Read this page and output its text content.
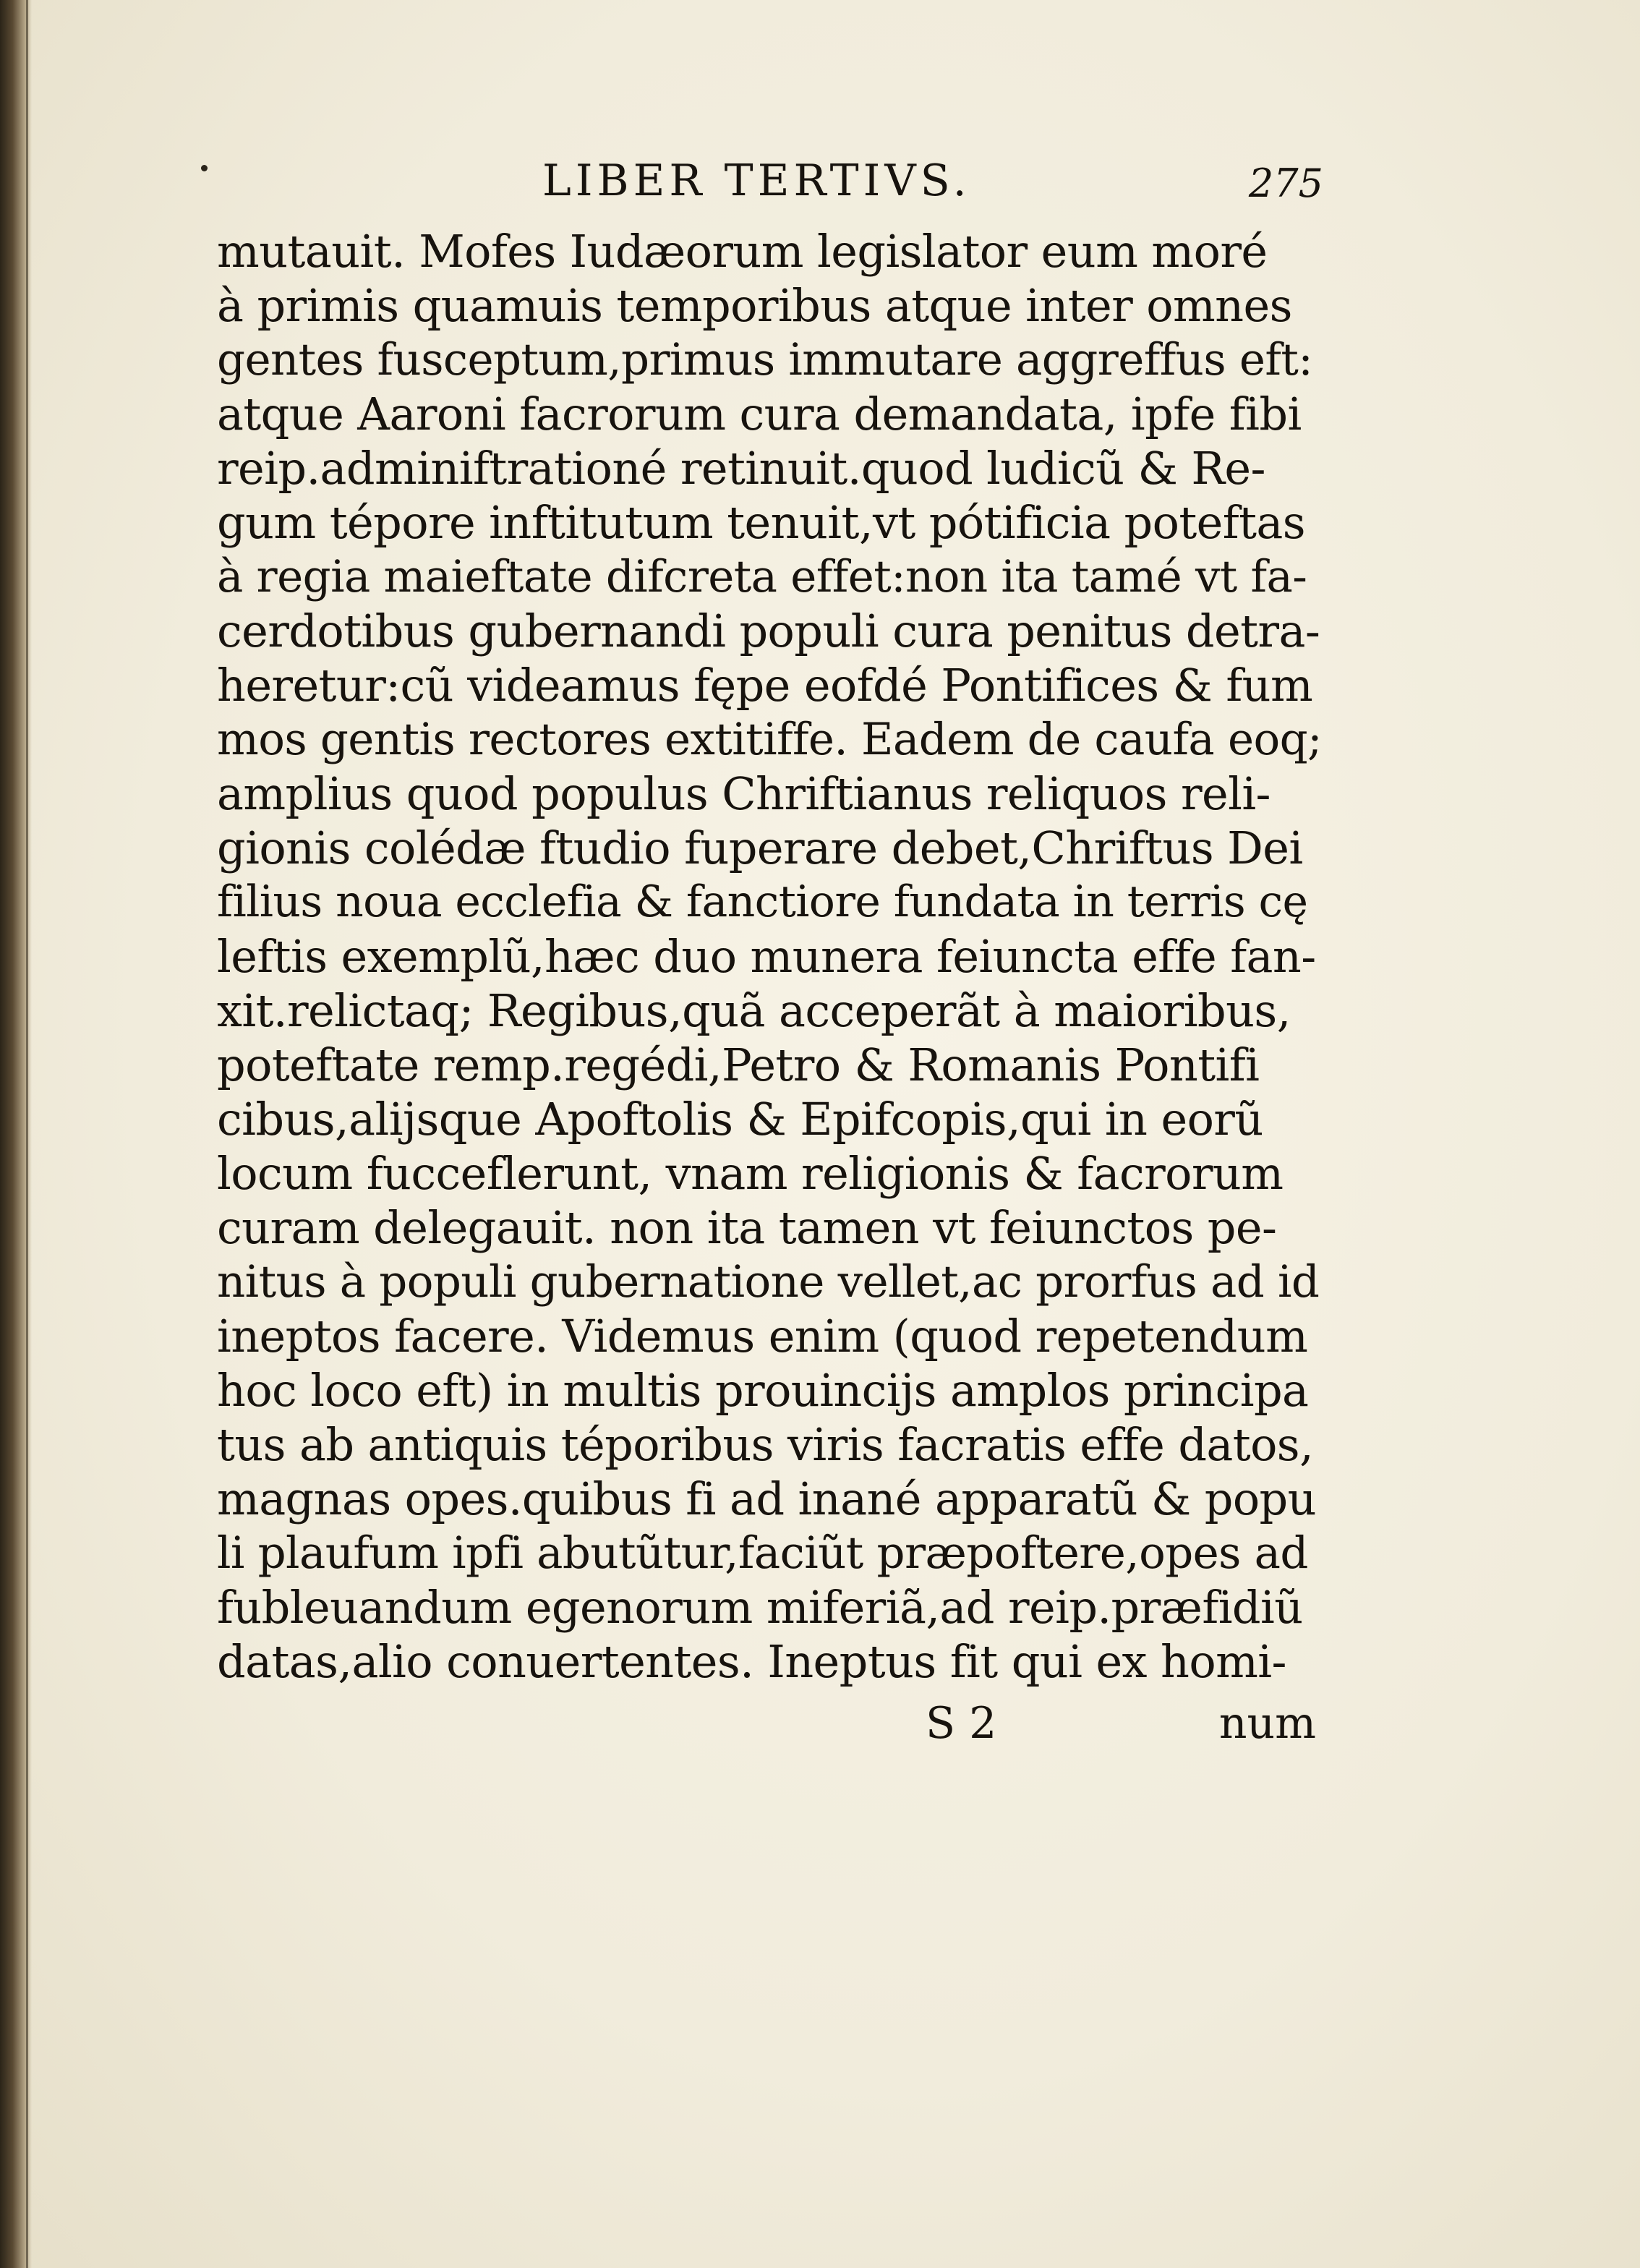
LIBER TERTIVS.	275
mutauit. Mofes Iudæorum legislator eum moré
à primis quamuis temporibus atque inter omnes
gentes fusceptum,primus immutare aggreffus eft:
atque Aaroni facrorum cura demandata, ipfe fibi
reip.adminiftrationé retinuit.quod ludicũ & Re-
gum tépore inftitutum tenuit,vt pótificia poteftas
à regia maieftate difcreta effet:non ita tamé vt fa-
cerdotibus gubernandi populi cura penitus detra-
heretur:cũ videamus fępe eofdé Pontifices & fum
mos gentis rectores extitiffe. Eadem de caufa eoq;
amplius quod populus Chriftianus reliquos reli-
gionis colédæ ftudio fuperare debet,Chriftus Dei
filius noua ecclefia & fanctiore fundata in terris cę
leftis exemplũ,hæc duo munera feiuncta effe fan-
xit.relictaq; Regibus,quã acceperãt à maioribus,
poteftate remp.regédi,Petro & Romanis Pontifi
cibus,alijsque Apoftolis & Epifcopis,qui in eorũ
locum fucceflerunt, vnam religionis & facrorum
curam delegauit. non ita tamen vt feiunctos pe-
nitus à populi gubernatione vellet,ac prorfus ad id
ineptos facere. Videmus enim (quod repetendum
hoc loco eft) in multis prouincijs amplos principa
tus ab antiquis téporibus viris facratis effe datos,
magnas opes.quibus fi ad inané apparatũ & popu
li plaufum ipfi abutũtur,faciũt præpoftere,opes ad
fubleuandum egenorum miferiã,ad reip.præfidiũ
datas,alio conuertentes. Ineptus fit qui ex homi-
S 2	num
